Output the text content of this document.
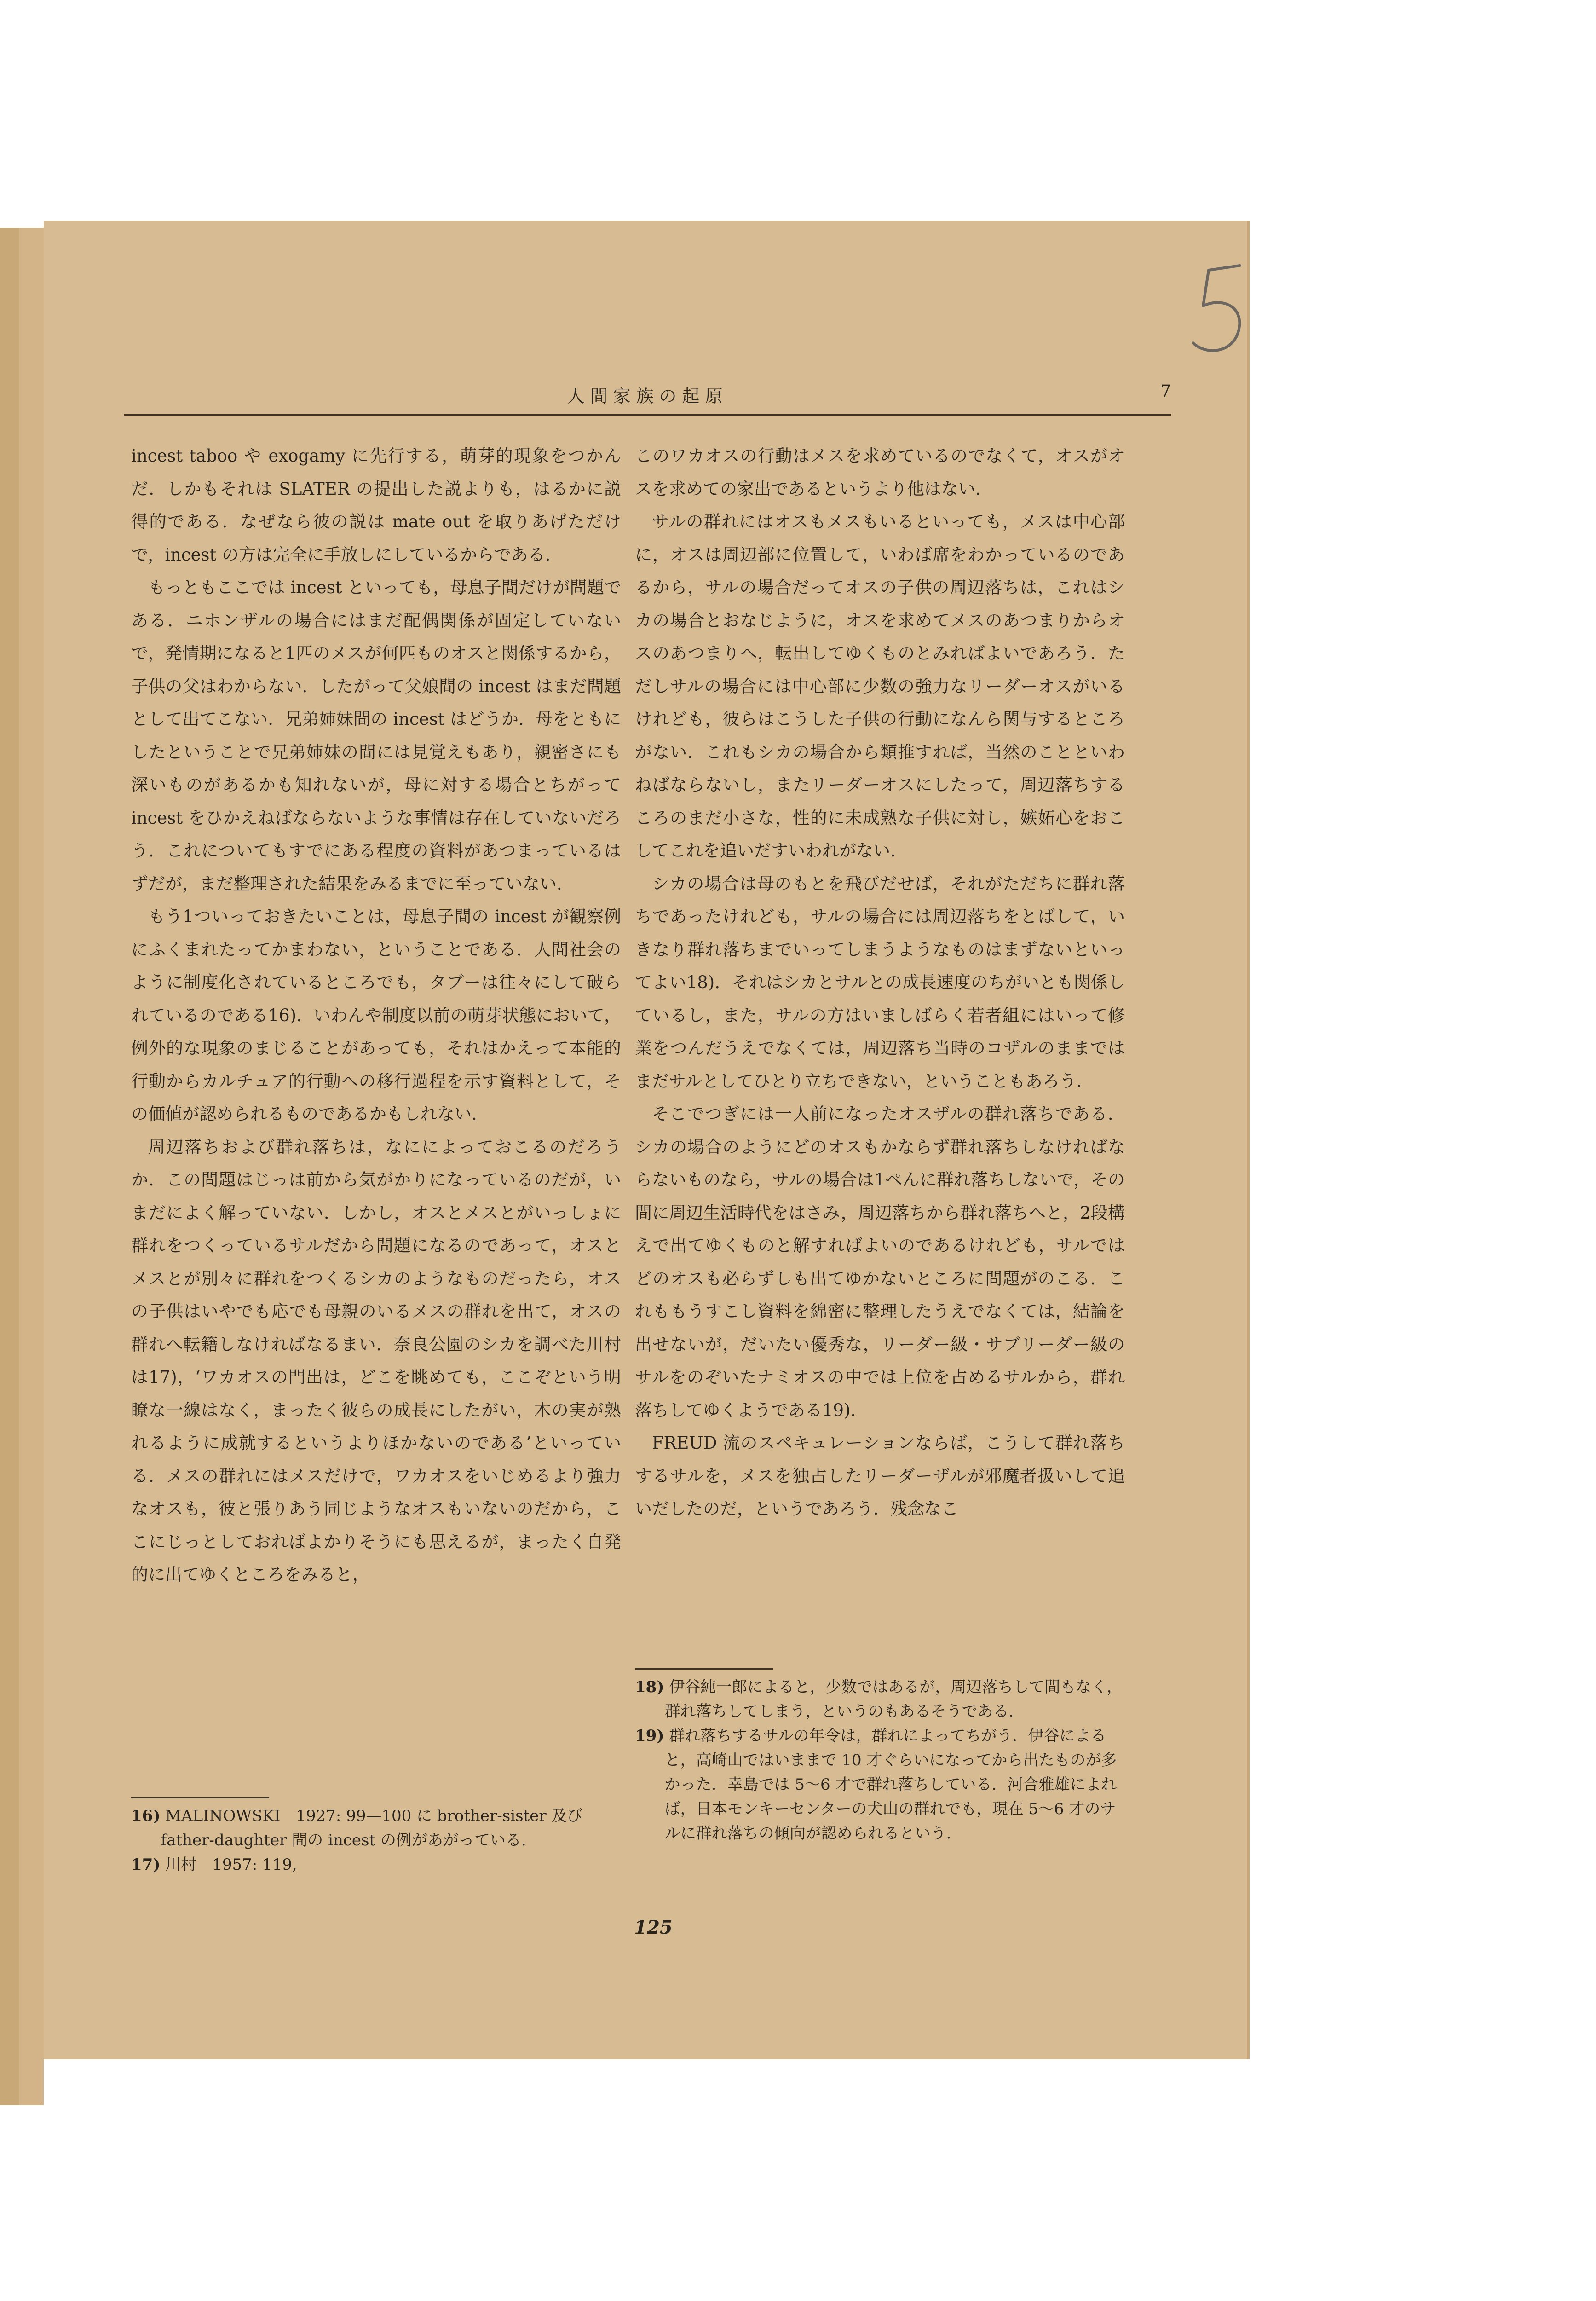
人間家族の起原	7

incest taboo や exogamy に先行する，萌芽的現象をつかんだ．しかもそれは SLATER の提出した説よりも，はるかに説得的である．なぜなら彼の説は mate out を取りあげただけで，incest の方は完全に手放しにしているからである．

もっともここでは incest といっても，母息子間だけが問題である．ニホンザルの場合にはまだ配偶関係が固定していないで，発情期になると1匹のメスが何匹ものオスと関係するから，子供の父はわからない．したがって父娘間の incest はまだ問題として出てこない．兄弟姉妹間の incest はどうか．母をともにしたということで兄弟姉妹の間には見覚えもあり，親密さにも深いものがあるかも知れないが，母に対する場合とちがって incest をひかえねばならないような事情は存在していないだろう．これについてもすでにある程度の資料があつまっているはずだが，まだ整理された結果をみるまでに至っていない．

もう1ついっておきたいことは，母息子間の incest が観察例にふくまれたってかまわない，ということである．人間社会のように制度化されているところでも，タブーは往々にして破られているのである16)．いわんや制度以前の萌芽状態において，例外的な現象のまじることがあっても，それはかえって本能的行動からカルチュア的行動への移行過程を示す資料として，その価値が認められるものであるかもしれない．

周辺落ちおよび群れ落ちは，なにによっておこるのだろうか．この問題はじっは前から気がかりになっているのだが，いまだによく解っていない．しかし，オスとメスとがいっしょに群れをつくっているサルだから問題になるのであって，オスとメスとが別々に群れをつくるシカのようなものだったら，オスの子供はいやでも応でも母親のいるメスの群れを出て，オスの群れへ転籍しなければなるまい．奈良公園のシカを調べた川村は17)，‘ワカオスの門出は，どこを眺めても，ここぞという明瞭な一線はなく，まったく彼らの成長にしたがい，木の実が熟れるように成就するというよりほかないのである’といっている．メスの群れにはメスだけで，ワカオスをいじめるより強力なオスも，彼と張りあう同じようなオスもいないのだから，ここにじっとしておればよかりそうにも思えるが，まったく自発的に出てゆくところをみると，

このワカオスの行動はメスを求めているのでなくて，オスがオスを求めての家出であるというより他はない．

サルの群れにはオスもメスもいるといっても，メスは中心部に，オスは周辺部に位置して，いわば席をわかっているのであるから，サルの場合だってオスの子供の周辺落ちは，これはシカの場合とおなじように，オスを求めてメスのあつまりからオスのあつまりへ，転出してゆくものとみればよいであろう．ただしサルの場合には中心部に少数の強力なリーダーオスがいるけれども，彼らはこうした子供の行動になんら関与するところがない．これもシカの場合から類推すれば，当然のことといわねばならないし，またリーダーオスにしたって，周辺落ちするころのまだ小さな，性的に未成熟な子供に対し，嫉妬心をおこしてこれを追いだすいわれがない．

シカの場合は母のもとを飛びだせば，それがただちに群れ落ちであったけれども，サルの場合には周辺落ちをとばして，いきなり群れ落ちまでいってしまうようなものはまずないといってよい18)．それはシカとサルとの成長速度のちがいとも関係しているし，また，サルの方はいましばらく若者組にはいって修業をつんだうえでなくては，周辺落ち当時のコザルのままではまだサルとしてひとり立ちできない，ということもあろう．

そこでつぎには一人前になったオスザルの群れ落ちである．シカの場合のようにどのオスもかならず群れ落ちしなければならないものなら，サルの場合は1ぺんに群れ落ちしないで，その間に周辺生活時代をはさみ，周辺落ちから群れ落ちへと，2段構えで出てゆくものと解すればよいのであるけれども，サルではどのオスも必らずしも出てゆかないところに問題がのこる．これももうすこし資料を綿密に整理したうえでなくては，結論を出せないが，だいたい優秀な，リーダー級・サブリーダー級のサルをのぞいたナミオスの中では上位を占めるサルから，群れ落ちしてゆくようである19)．

FREUD 流のスペキュレーションならば，こうして群れ落ちするサルを，メスを独占したリーダーザルが邪魔者扱いして追いだしたのだ，というであろう．残念なこ

16) MALINOWSKI　1927: 99—100 に brother-sister 及び father-daughter 間の incest の例があがっている．

17) 川村　1957: 119,

18) 伊谷純一郎によると，少数ではあるが，周辺落ちして間もなく，群れ落ちしてしまう，というのもあるそうである．

19) 群れ落ちするサルの年令は，群れによってちがう．伊谷によると，高崎山ではいままで 10 才ぐらいになってから出たものが多かった．幸島では 5〜6 才で群れ落ちしている．河合雅雄によれば，日本モンキーセンターの犬山の群れでも，現在 5〜6 才のサルに群れ落ちの傾向が認められるという．

125
